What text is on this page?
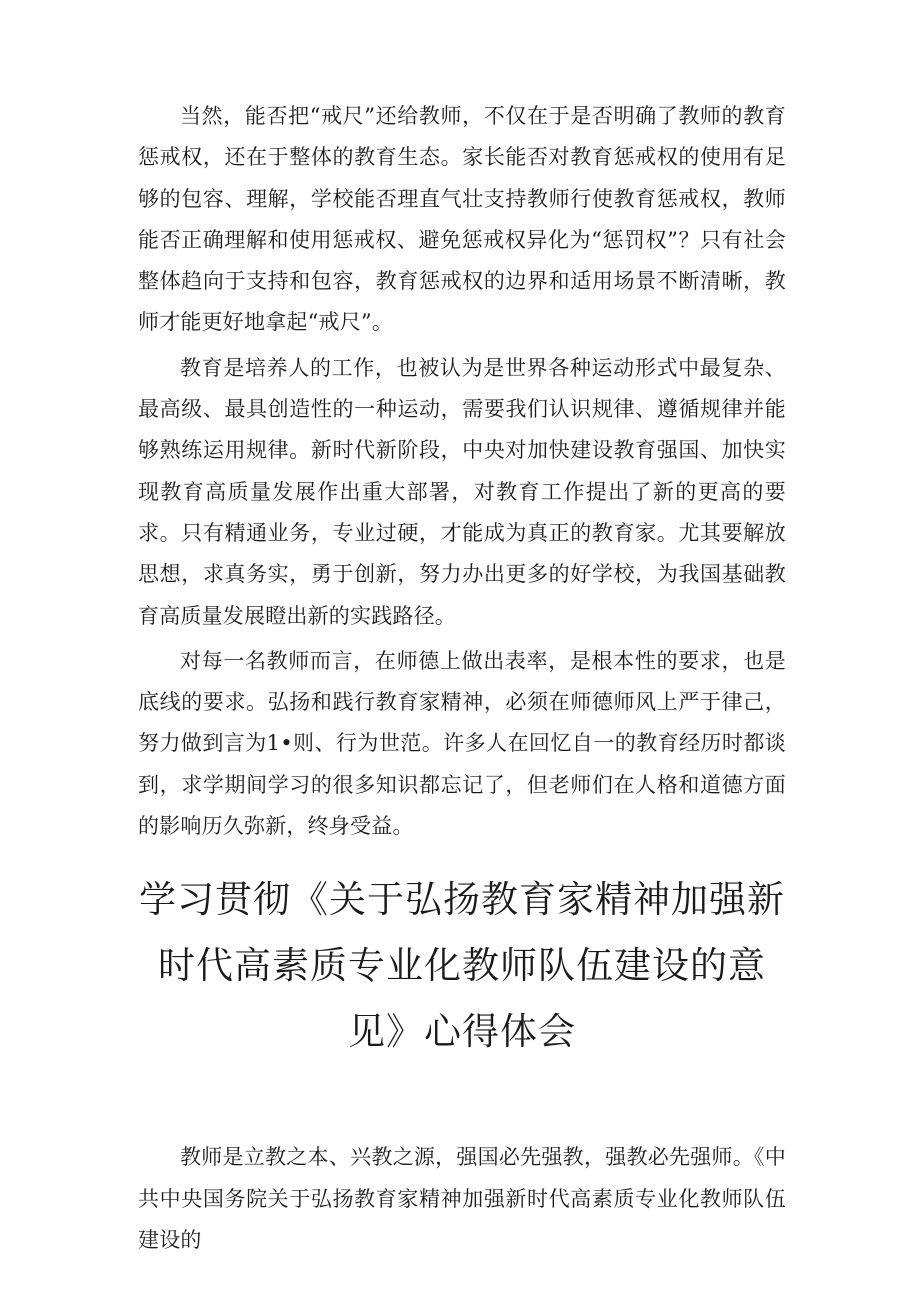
当然，能否把“戒尺”还给教师，不仅在于是否明确了教师的教育惩戒权，还在于整体的教育生态。家长能否对教育惩戒权的使用有足够的包容、理解，学校能否理直气壮支持教师行使教育惩戒权，教师能否正确理解和使用惩戒权、避免惩戒权异化为“惩罚权”？只有社会整体趋向于支持和包容，教育惩戒权的边界和适用场景不断清晰，教师才能更好地拿起“戒尺”。

教育是培养人的工作，也被认为是世界各种运动形式中最复杂、最高级、最具创造性的一种运动，需要我们认识规律、遵循规律并能够熟练运用规律。新时代新阶段，中央对加快建设教育强国、加快实现教育高质量发展作出重大部署，对教育工作提出了新的更高的要求。只有精通业务，专业过硬，才能成为真正的教育家。尤其要解放思想，求真务实，勇于创新，努力办出更多的好学校，为我国基础教育高质量发展瞪出新的实践路径。

对每一名教师而言，在师德上做出表率，是根本性的要求，也是底线的要求。弘扬和践行教育家精神，必须在师德师风上严于律己，努力做到言为1•则、行为世范。许多人在回忆自一的教育经历时都谈到，求学期间学习的很多知识都忘记了，但老师们在人格和道德方面的影响历久弥新，终身受益。

学习贯彻《关于弘扬教育家精神加强新时代高素质专业化教师队伍建设的意见》心得体会

教师是立教之本、兴教之源，强国必先强教，强教必先强师。《中共中央国务院关于弘扬教育家精神加强新时代高素质专业化教师队伍建设的
